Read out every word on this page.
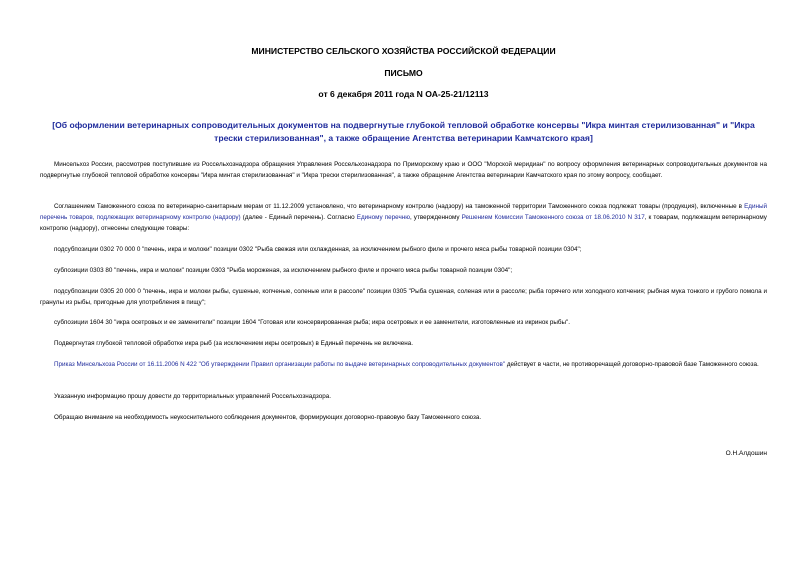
МИНИСТЕРСТВО СЕЛЬСКОГО ХОЗЯЙСТВА РОССИЙСКОЙ ФЕДЕРАЦИИ
ПИСЬМО
от 6 декабря 2011 года N ОА-25-21/12113
[Об оформлении ветеринарных сопроводительных документов на подвергнутые глубокой тепловой обработке консервы "Икра минтая стерилизованная" и "Икра трески стерилизованная", а также обращение Агентства ветеринарии Камчатского края]
Минсельхоз России, рассмотрев поступившие из Россельхознадзора обращения Управления Россельхознадзора по Приморскому краю и ООО "Морской меридиан" по вопросу оформления ветеринарных сопроводительных документов на подвергнутые глубокой тепловой обработке консервы "Икра минтая стерилизованная" и "Икра трески стерилизованная", а также обращение Агентства ветеринарии Камчатского края по этому вопросу, сообщает.
Соглашением Таможенного союза по ветеринарно-санитарным мерам от 11.12.2009 установлено, что ветеринарному контролю (надзору) на таможенной территории Таможенного союза подлежат товары (продукция), включенные в Единый перечень товаров, подлежащих ветеринарному контролю (надзору) (далее - Единый перечень). Согласно Единому перечню, утвержденному Решением Комиссии Таможенного союза от 18.06.2010 N 317, к товарам, подлежащим ветеринарному контролю (надзору), отнесены следующие товары:
подсубпозиции 0302 70 000 0 "печень, икра и молоки" позиции 0302 "Рыба свежая или охлажденная, за исключением рыбного филе и прочего мяса рыбы товарной позиции 0304";
субпозиции 0303 80 "печень, икра и молоки" позиции 0303 "Рыба мороженая, за исключением рыбного филе и прочего мяса рыбы товарной позиции 0304";
подсубпозиции 0305 20 000 0 "печень, икра и молоки рыбы, сушеные, копченые, соленые или в рассоле" позиции 0305 "Рыба сушеная, соленая или в рассоле; рыба горячего или холодного копчения; рыбная мука тонкого и грубого помола и гранулы из рыбы, пригодные для употребления в пищу";
субпозиции 1604 30 "икра осетровых и ее заменители" позиции 1604 "Готовая или консервированная рыба; икра осетровых и ее заменители, изготовленные из икринок рыбы".
Подвергнутая глубокой тепловой обработке икра рыб (за исключением икры осетровых) в Единый перечень не включена.
Приказ Минсельхоза России от 16.11.2006 N 422 "Об утверждении Правил организации работы по выдаче ветеринарных сопроводительных документов" действует в части, не противоречащей договорно-правовой базе Таможенного союза.
Указанную информацию прошу довести до территориальных управлений Россельхознадзора.
Обращаю внимание на необходимость неукоснительного соблюдения документов, формирующих договорно-правовую базу Таможенного союза.
О.Н.Алдошин
